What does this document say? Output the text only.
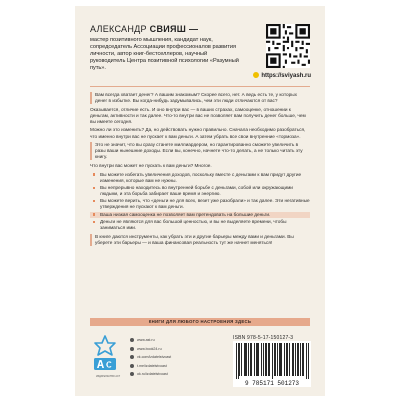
АЛЕКСАНДР СВИЯШ —
мастер позитивного мышления, кандидат наук, сопредседатель Ассоциации профессионалов развития личности, автор книг-бестселлеров, научный руководитель Центра позитивной психологии «Разумный путь».
https://sviyash.ru

Вам всегда хватает денег? А вашим знакомым? Скорее всего, нет. А ведь есть те, у которых денег в избытке. Вы когда-нибудь задумывались, чем эти люди отличаются от вас?

Оказывается, отличие есть. И оно внутри вас — в ваших страхах, самооценке, отношении к деньгам, активности и так далее. Что-то внутри вас не позволяет вам получить денег больше, чем вы имеете сегодня.

Можно ли это изменить? Да, но действовать нужно правильно. Сначала необходимо разобраться, что именно внутри вас не пускает к вам деньги. А затем убрать все свои внутренние «тормоза».

Это не значит, что вы сразу станете миллиардером, но гарантированно сможете увеличить в разы ваши нынешние доходы. Если вы, конечно, начнете что-то делать, а не только читать эту книгу.

Что внутри вас может не пускать к вам деньги? Многое.

Вы можете избегать увеличения доходов, поскольку вместе с деньгами к вам придут другие изменения, которые вам не нужны.
Вы непрерывно находитесь во внутренней борьбе с деньгами, собой или окружающими людьми, и эта борьба забирает ваше время и энергию.
Вы можете верить, что «деньги не для всех, везет уже разобрали» и так далее. Эти негативные утверждения не пускают к вам деньги.
Ваша низкая самооценка не позволяет вам претендовать на большие деньги.
Деньги не являются для вас большой ценностью, и вы не выделяете времени, чтобы заниматься ими.

В книге даются инструменты, как убрать эти и другие барьеры между вами и деньгами. Вы уберете эти барьеры — и ваша финансовая реальность тут же начнет меняться!

КНИГИ ДЛЯ ЛЮБОГО НАСТРОЕНИЯ ЗДЕСЬ
ИЗДАТЕЛЬСТВО АСТ
www.ast.ru
www.book24.ru
vk.com/izdatelstvoast
t.me/izdatelstvoast
ok.ru/izdatelstvoast
ISBN 978-5-17-150127-3
9 785171 501273
